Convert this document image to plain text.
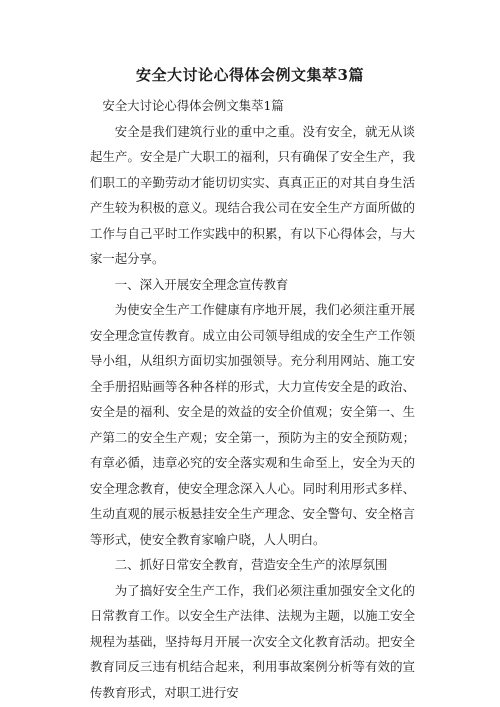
安全大讨论心得体会例文集萃3篇

安全大讨论心得体会例文集萃1篇

安全是我们建筑行业的重中之重。没有安全，就无从谈起生产。安全是广大职工的福利，只有确保了安全生产，我们职工的辛勤劳动才能切切实实、真真正正的对其自身生活产生较为积极的意义。现结合我公司在安全生产方面所做的工作与自己平时工作实践中的积累，有以下心得体会，与大家一起分享。

一、深入开展安全理念宣传教育

为使安全生产工作健康有序地开展，我们必须注重开展安全理念宣传教育。成立由公司领导组成的安全生产工作领导小组，从组织方面切实加强领导。充分利用网站、施工安全手册招贴画等各种各样的形式，大力宣传安全是的政治、安全是的福利、安全是的效益的安全价值观；安全第一、生产第二的安全生产观；安全第一，预防为主的安全预防观；有章必循，违章必究的安全落实观和生命至上，安全为天的安全理念教育，使安全理念深入人心。同时利用形式多样、生动直观的展示板悬挂安全生产理念、安全警句、安全格言等形式，使安全教育家喻户晓，人人明白。

二、抓好日常安全教育，营造安全生产的浓厚氛围

为了搞好安全生产工作，我们必须注重加强安全文化的日常教育工作。以安全生产法律、法规为主题，以施工安全规程为基础，坚持每月开展一次安全文化教育活动。把安全教育同反三违有机结合起来，利用事故案例分析等有效的宣传教育形式，对职工进行安
